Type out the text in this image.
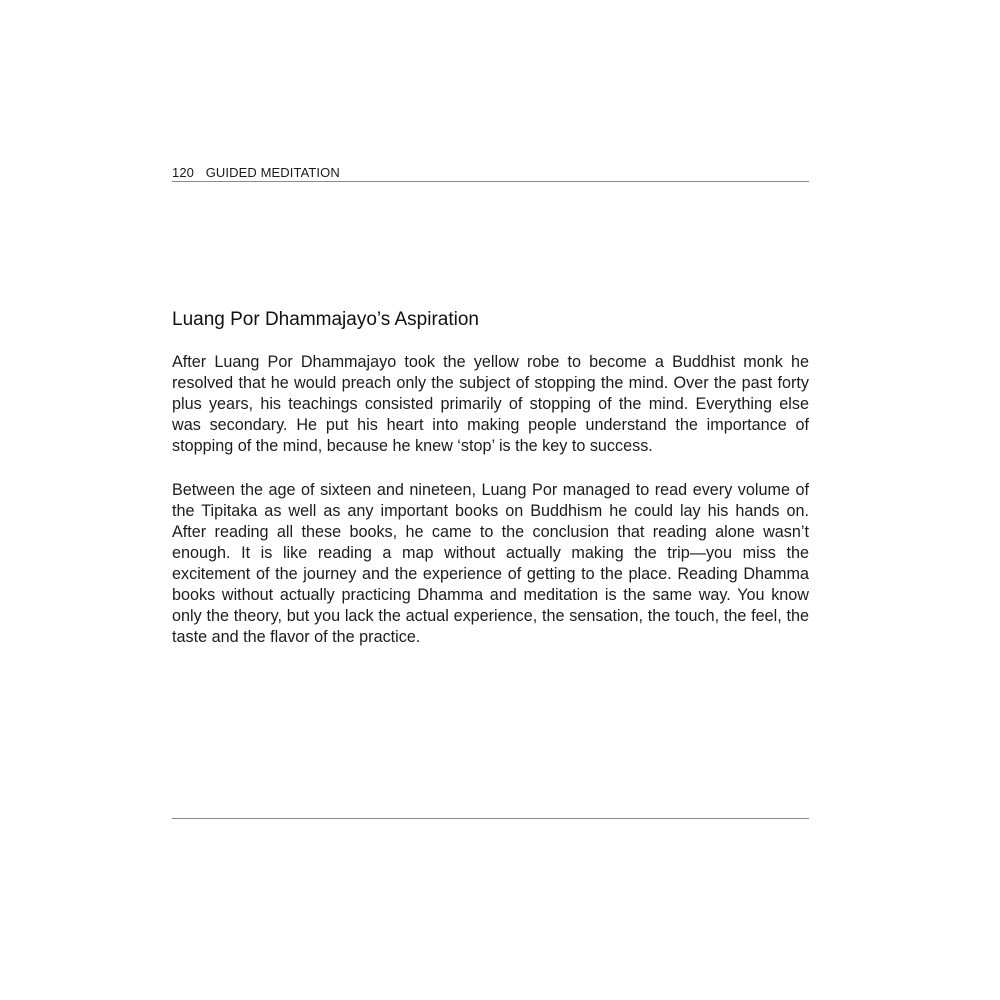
120 GUIDED MEDITATION
Luang Por Dhammajayo’s Aspiration

After Luang Por Dhammajayo took the yellow robe to become a Buddhist monk he resolved that he would preach only the subject of stopping the mind. Over the past forty plus years, his teachings consisted primarily of stopping of the mind. Everything else was secondary. He put his heart into making people understand the importance of stopping of the mind, because he knew ‘stop’ is the key to success.

Between the age of sixteen and nineteen, Luang Por managed to read every volume of the Tipitaka as well as any important books on Buddhism he could lay his hands on. After reading all these books, he came to the conclusion that reading alone wasn’t enough. It is like reading a map without actually making the trip—you miss the excitement of the journey and the experience of getting to the place. Reading Dhamma books without actually practicing Dhamma and meditation is the same way. You know only the theory, but you lack the actual experience, the sensation, the touch, the feel, the taste and the flavor of the practice.
